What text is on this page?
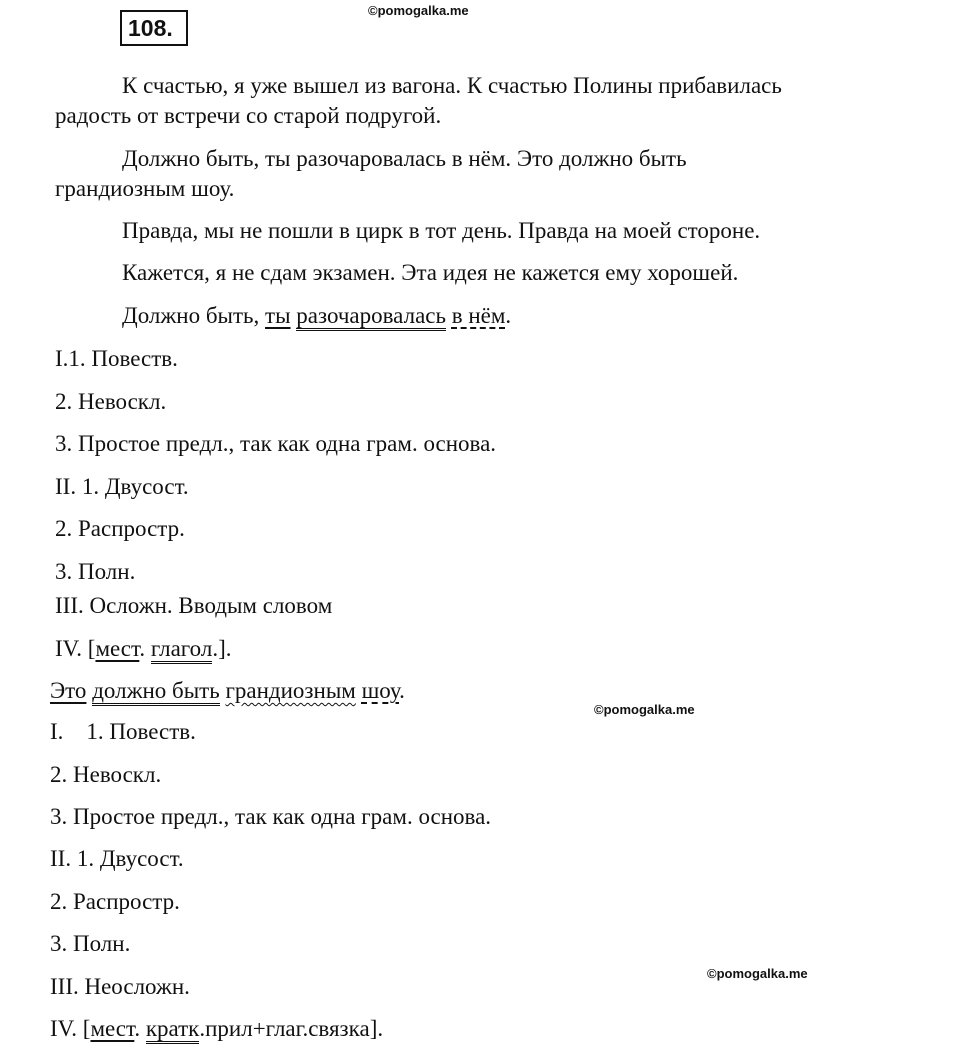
©pomogalka.me
108.
К счастью, я уже вышел из вагона. К счастью Полины прибавилась
радость от встречи со старой подругой.
Должно быть, ты разочаровалась в нём. Это должно быть
грандиозным шоу.
Правда, мы не пошли в цирк в тот день. Правда на моей стороне.
Кажется, я не сдам экзамен. Эта идея не кажется ему хорошей.
Должно быть, ты разочаровалась в нём.
I.1. Повеств.
2. Невоскл.
3. Простое предл., так как одна грам. основа.
II. 1. Двусост.
2. Распростр.
3. Полн.
III. Осложн. Вводым словом
IV. [мест. глагол.].
Это должно быть грандиозным шоу.
©pomogalka.me
I.    1. Повеств.
2. Невоскл.
3. Простое предл., так как одна грам. основа.
II. 1. Двусост.
2. Распростр.
3. Полн.
©pomogalka.me
III. Неосложн.
IV. [мест. кратк.прил+глаг.связка].
